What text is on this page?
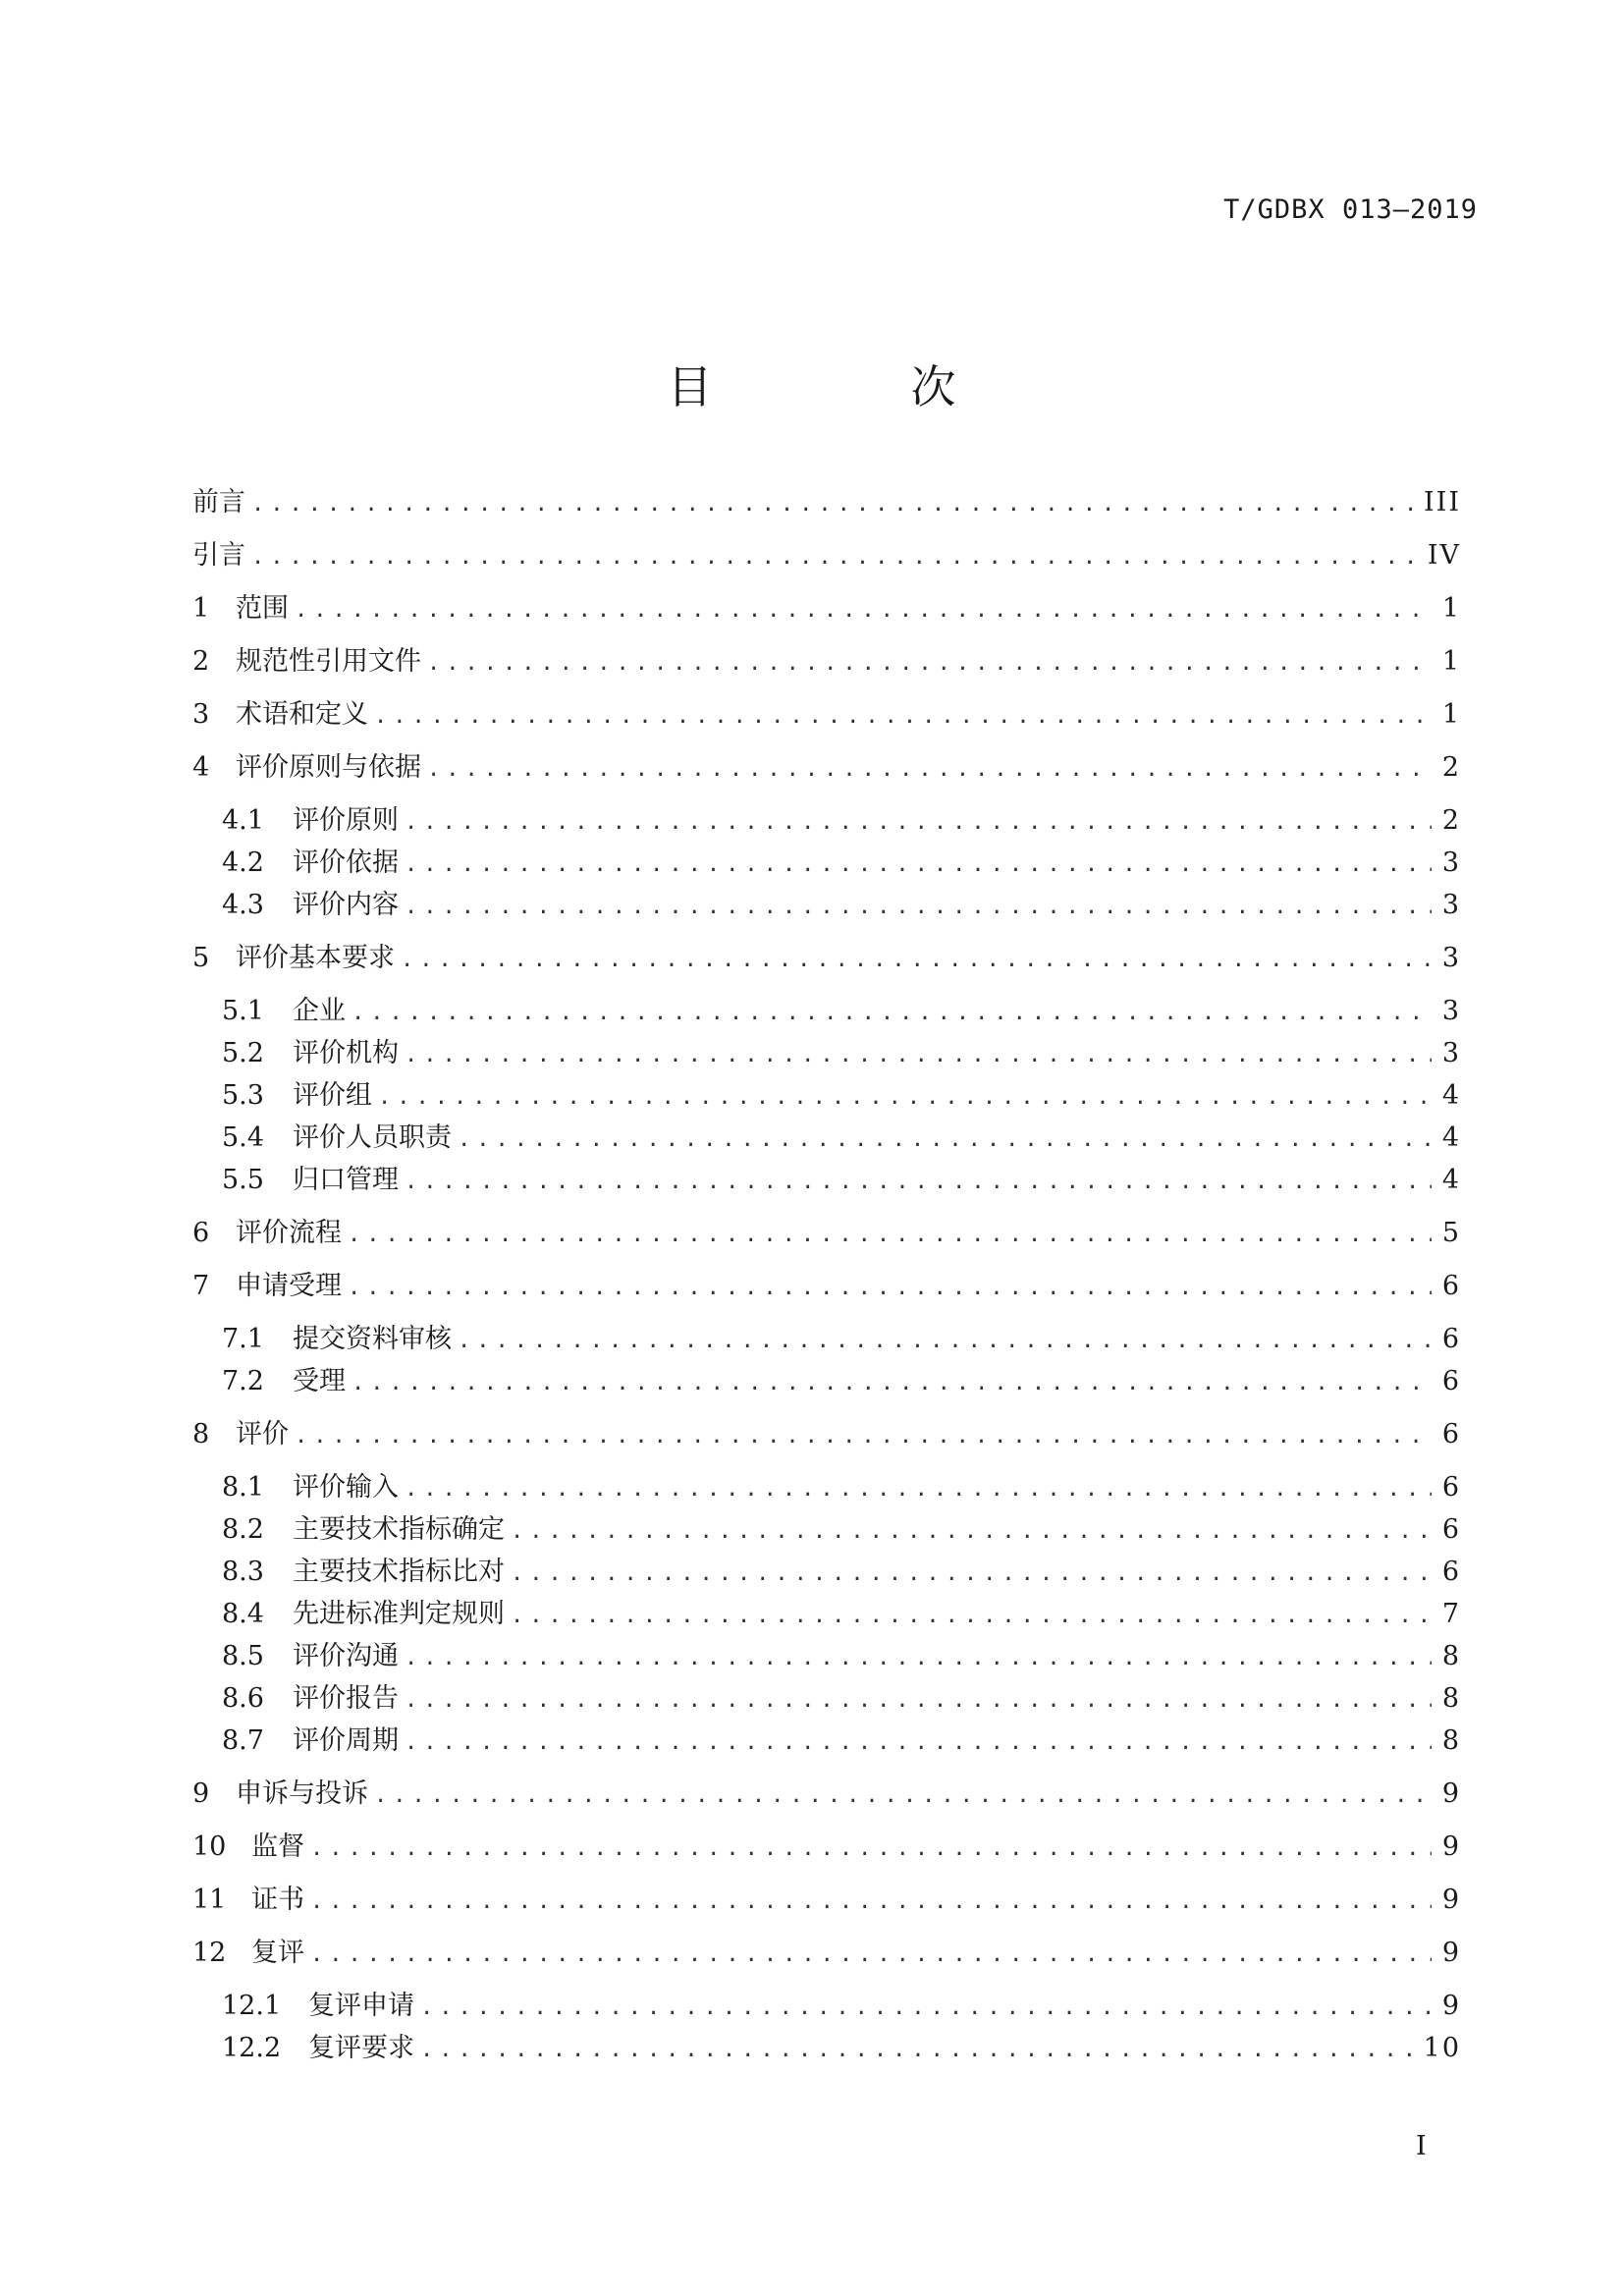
T/GDBX 013—2019
目　次
前言 .....	III
引言 .....	IV
1 范围 .....	1
2 规范性引用文件 .....	1
3 术语和定义 .....	1
4 评价原则与依据 .....	2
4.1	评价原则 .....	2
4.2	评价依据 .....	3
4.3	评价内容 .....	3
5 评价基本要求 .....	3
5.1	企业 .....	3
5.2	评价机构 .....	3
5.3	评价组 .....	4
5.4	评价人员职责 .....	4
5.5	归口管理 .....	4
6 评价流程 .....	5
7 申请受理 .....	6
7.1	提交资料审核 .....	6
7.2	受理 .....	6
8 评价 .....	6
8.1	评价输入 .....	6
8.2	主要技术指标确定 .....	6
8.3	主要技术指标比对 .....	6
8.4	先进标准判定规则 .....	7
8.5	评价沟通 .....	8
8.6	评价报告 .....	8
8.7	评价周期 .....	8
9 申诉与投诉 .....	9
10 监督 .....	9
11 证书 .....	9
12 复评 .....	9
12.1	复评申请 .....	9
12.2	复评要求 .....	10
I
